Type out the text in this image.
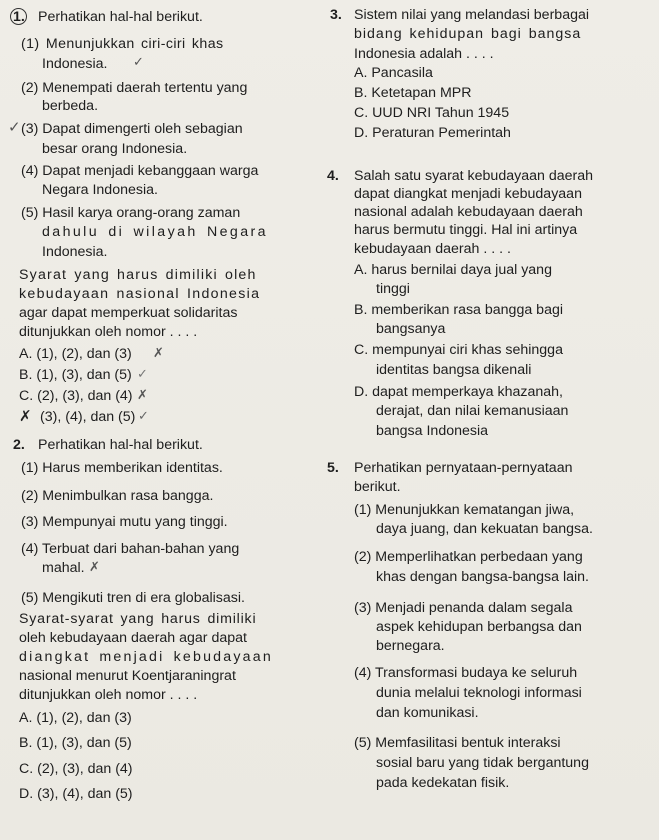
1. Perhatikan hal-hal berikut.
(1) Menunjukkan ciri-ciri khas
Indonesia. ✓
(2) Menempati daerah tertentu yang
berbeda.
✓ (3) Dapat dimengerti oleh sebagian
besar orang Indonesia.
(4) Dapat menjadi kebanggaan warga
Negara Indonesia.
(5) Hasil karya orang-orang zaman
dahulu di wilayah Negara
Indonesia.
Syarat yang harus dimiliki oleh
kebudayaan nasional Indonesia
agar dapat memperkuat solidaritas
ditunjukkan oleh nomor . . . .
A. (1), (2), dan (3) ✗
B. (1), (3), dan (5) ✓
C. (2), (3), dan (4) ✗
✗ (3), (4), dan (5) ✓
2. Perhatikan hal-hal berikut.
(1) Harus memberikan identitas.
(2) Menimbulkan rasa bangga.
(3) Mempunyai mutu yang tinggi.
(4) Terbuat dari bahan-bahan yang
mahal. ✗
(5) Mengikuti tren di era globalisasi.
Syarat-syarat yang harus dimiliki
oleh kebudayaan daerah agar dapat
diangkat menjadi kebudayaan
nasional menurut Koentjaraningrat
ditunjukkan oleh nomor . . . .
A. (1), (2), dan (3)
B. (1), (3), dan (5)
C. (2), (3), dan (4)
D. (3), (4), dan (5)
3. Sistem nilai yang melandasi berbagai
bidang kehidupan bagi bangsa
Indonesia adalah . . . .
A. Pancasila
B. Ketetapan MPR
C. UUD NRI Tahun 1945
D. Peraturan Pemerintah
4. Salah satu syarat kebudayaan daerah
dapat diangkat menjadi kebudayaan
nasional adalah kebudayaan daerah
harus bermutu tinggi. Hal ini artinya
kebudayaan daerah . . . .
A. harus bernilai daya jual yang
tinggi
B. memberikan rasa bangga bagi
bangsanya
C. mempunyai ciri khas sehingga
identitas bangsa dikenali
D. dapat memperkaya khazanah,
derajat, dan nilai kemanusiaan
bangsa Indonesia
5. Perhatikan pernyataan-pernyataan
berikut.
(1) Menunjukkan kematangan jiwa,
daya juang, dan kekuatan bangsa.
(2) Memperlihatkan perbedaan yang
khas dengan bangsa-bangsa lain.
(3) Menjadi penanda dalam segala
aspek kehidupan berbangsa dan
bernegara.
(4) Transformasi budaya ke seluruh
dunia melalui teknologi informasi
dan komunikasi.
(5) Memfasilitasi bentuk interaksi
sosial baru yang tidak bergantung
pada kedekatan fisik.
